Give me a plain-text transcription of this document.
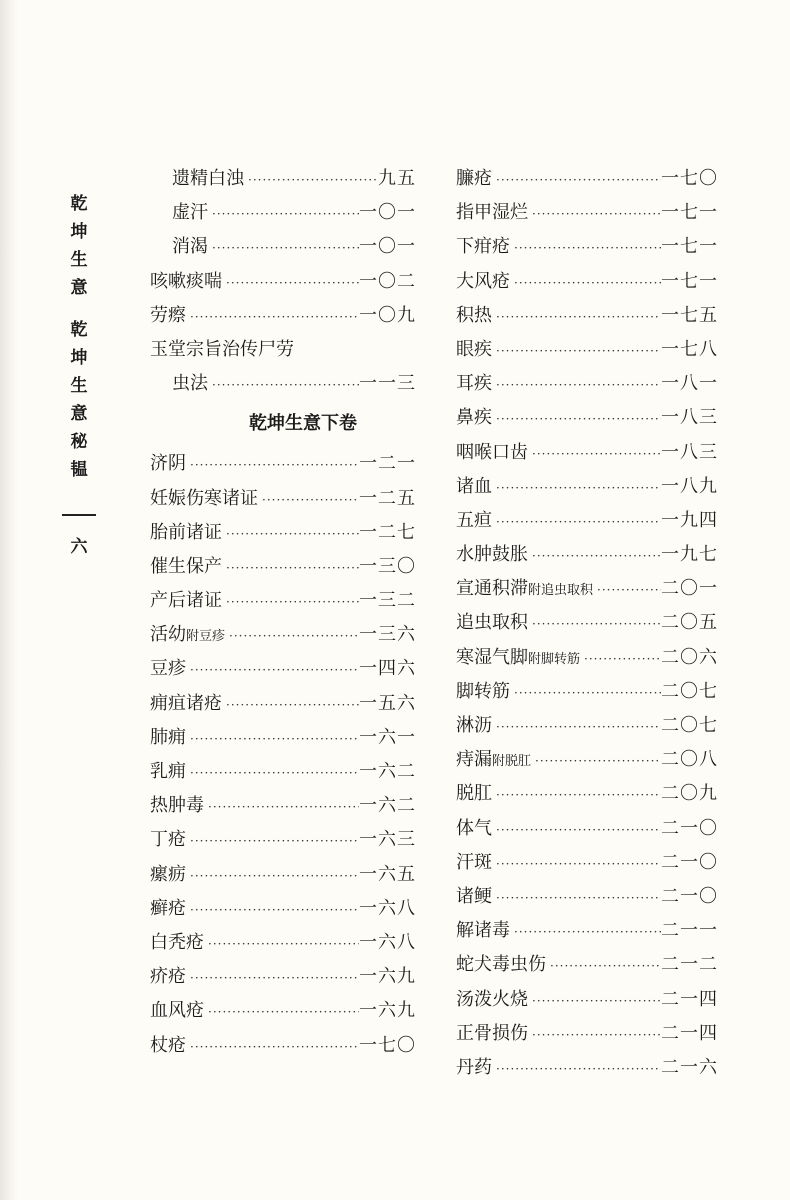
乾
坤
生
意
乾
坤
生
意
秘
韫
六
遗精白浊 ·····	九五
虚汗 ·····	一〇一
消渴 ·····	一〇一
咳嗽痰喘 ·····	一〇二
劳瘵 ·····	一〇九
玉堂宗旨治传尸劳
虫法 ·····	一一三
乾坤生意下卷
济阴 ·····	一二一
妊娠伤寒诸证 ·····	一二五
胎前诸证 ·····	一二七
催生保产 ·····	一三〇
产后诸证 ·····	一三二
活幼附豆疹 ·····	一三六
豆疹 ·····	一四六
痈疽诸疮 ·····	一五六
肺痈 ·····	一六一
乳痈 ·····	一六二
热肿毒 ·····	一六二
丁疮 ·····	一六三
瘰疬 ·····	一六五
癣疮 ·····	一六八
白秃疮 ·····	一六八
疥疮 ·····	一六九
血风疮 ·····	一六九
杖疮 ·····	一七〇
臁疮 ·····	一七〇
指甲湿烂 ·····	一七一
下疳疮 ·····	一七一
大风疮 ·····	一七一
积热 ·····	一七五
眼疾 ·····	一七八
耳疾 ·····	一八一
鼻疾 ·····	一八三
咽喉口齿 ·····	一八三
诸血 ·····	一八九
五疸 ·····	一九四
水肿鼓胀 ·····	一九七
宣通积滞附追虫取积 ·····	二〇一
追虫取积 ·····	二〇五
寒湿气脚附脚转筋 ·····	二〇六
脚转筋 ·····	二〇七
淋沥 ·····	二〇七
痔漏附脱肛 ·····	二〇八
脱肛 ·····	二〇九
体气 ·····	二一〇
汗斑 ·····	二一〇
诸鲠 ·····	二一〇
解诸毒 ·····	二一一
蛇犬毒虫伤 ·····	二一二
汤泼火烧 ·····	二一四
正骨损伤 ·····	二一四
丹药 ·····	二一六
